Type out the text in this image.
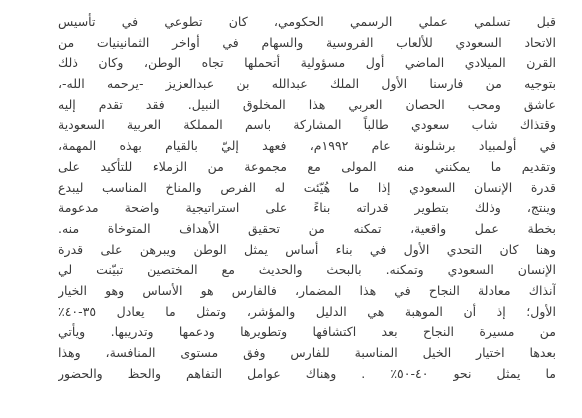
قبل تسلمي عملي الرسمي الحكومي، كان تطوعي في تأسيس
الاتحاد السعودي للألعاب الفروسية والسهام في أواخر الثمانينيات من
القرن الميلادي الماضي أول مسؤولية أتحملها تجاه الوطن، وكان ذلك
بتوجيه من فارسنا الأول الملك عبدالله بن عبدالعزيز -يرحمه الله-،
عاشق ومحب الحصان العربي هذا المخلوق النبيل. فقد تقدم إليه
وقتذاك شاب سعودي طالباً المشاركة باسم المملكة العربية السعودية
في أولمبياد برشلونة عام ١٩٩٢م، فعهد إليّ بالقيام بهذه المهمة،
وتقديم ما يمكنني منه المولى مع مجموعة من الزملاء للتأكيد على
قدرة الإنسان السعودي إذا ما هُيّئت له الفرص والمناخ المناسب ليبدع
وينتج، وذلك بتطوير قدراته بناءً على استراتيجية واضحة مدعومة
بخطة عمل واقعية، تمكنه من تحقيق الأهداف المتوخاة منه.
وهنا كان التحدي الأول في بناء أساس يمثل الوطن ويبرهن على قدرة
الإنسان السعودي وتمكنه. بالبحث والحديث مع المختصين تبيّنت لي
آنذاك معادلة النجاح في هذا المضمار، فالفارس هو الأساس وهو الخيار
الأول؛ إذ أن الموهبة هي الدليل والمؤشر، وتمثل ما يعادل ٣٥-٤٠٪
من مسيرة النجاح بعد اكتشافها وتطويرها ودعمها وتدريبها. ويأتي
بعدها اختيار الخيل المناسبة للفارس وفق مستوى المنافسة، وهذا
ما يمثل نحو ٤٠-٥٠٪ . وهناك عوامل التفاهم والحظ والحضور
